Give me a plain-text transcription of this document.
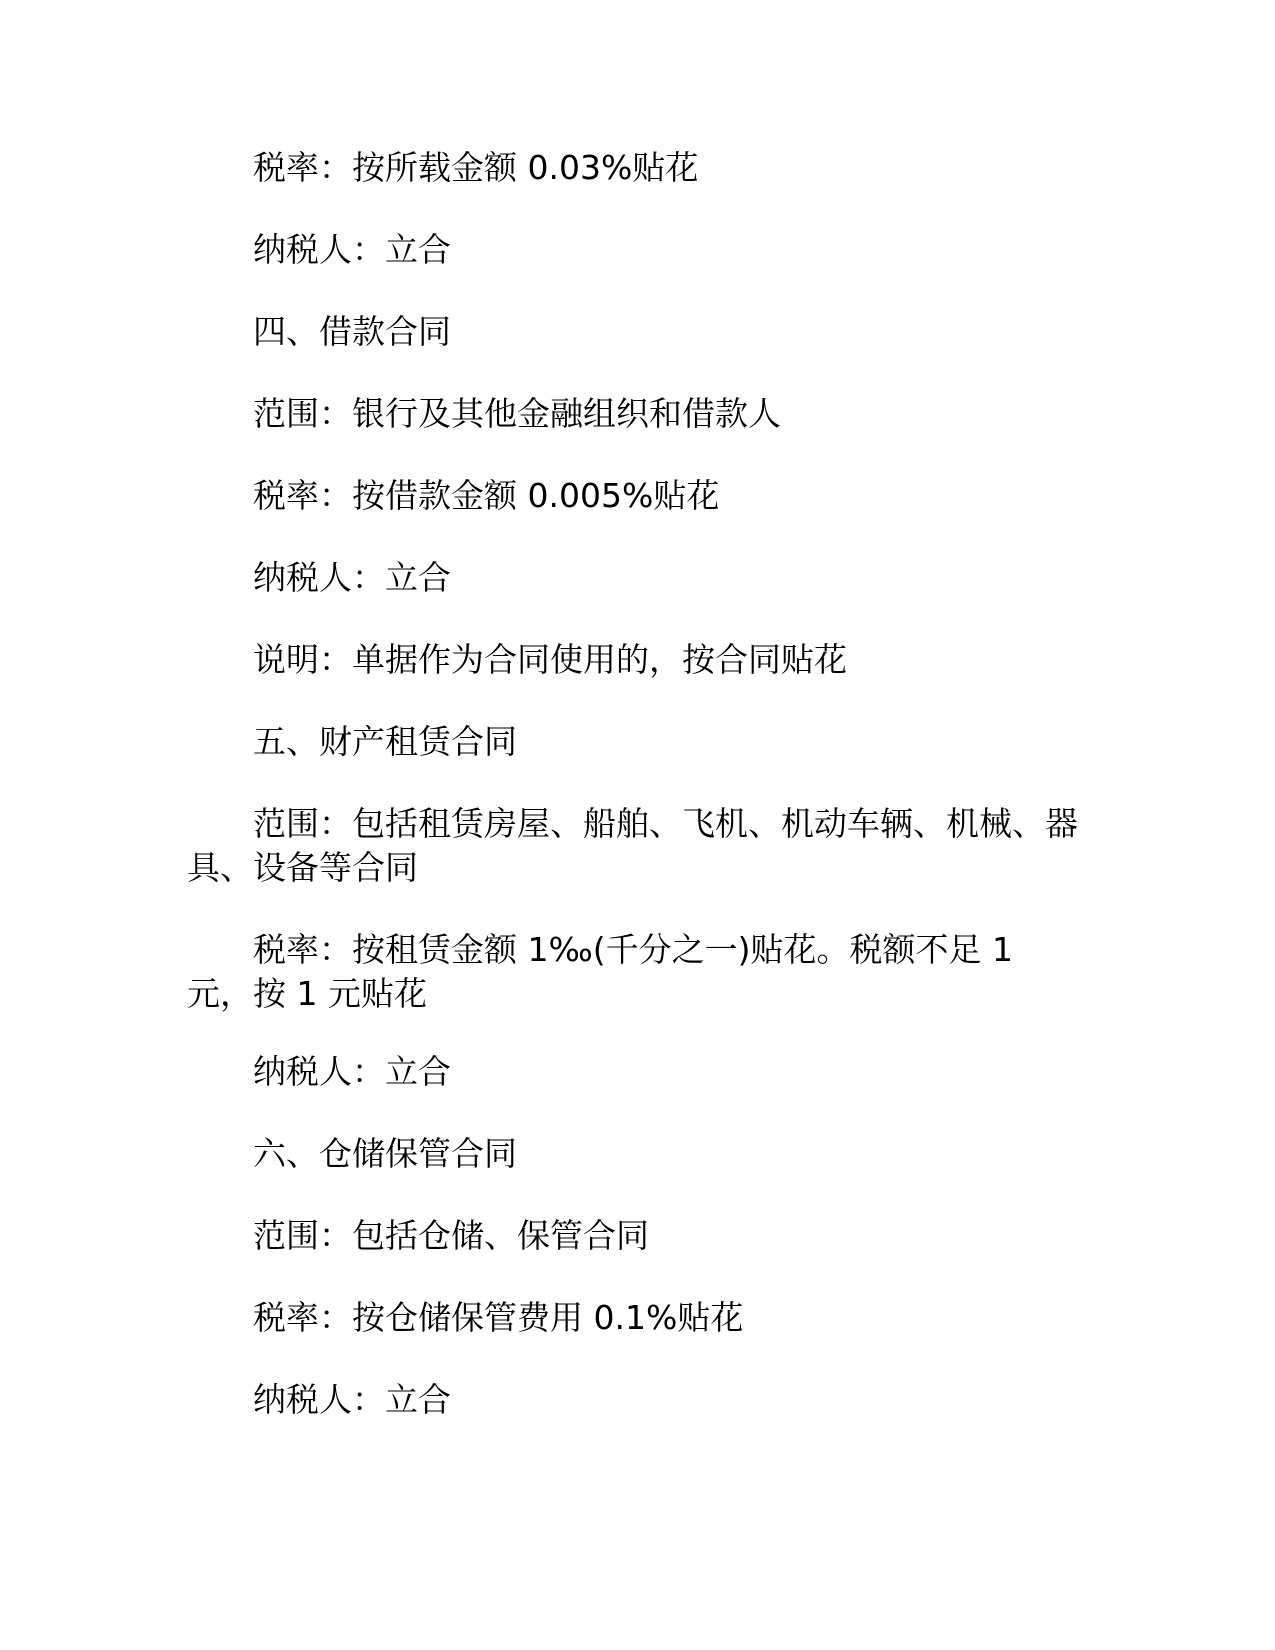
税率：按所载金额 0.03%贴花

纳税人：立合

四、借款合同

范围：银行及其他金融组织和借款人

税率：按借款金额 0.005%贴花

纳税人：立合

说明：单据作为合同使用的，按合同贴花

五、财产租赁合同

范围：包括租赁房屋、船舶、飞机、机动车辆、机械、器具、设备等合同

税率：按租赁金额 1‰(千分之一)贴花。税额不足 1 元，按 1 元贴花

纳税人：立合

六、仓储保管合同

范围：包括仓储、保管合同

税率：按仓储保管费用 0.1%贴花

纳税人：立合
